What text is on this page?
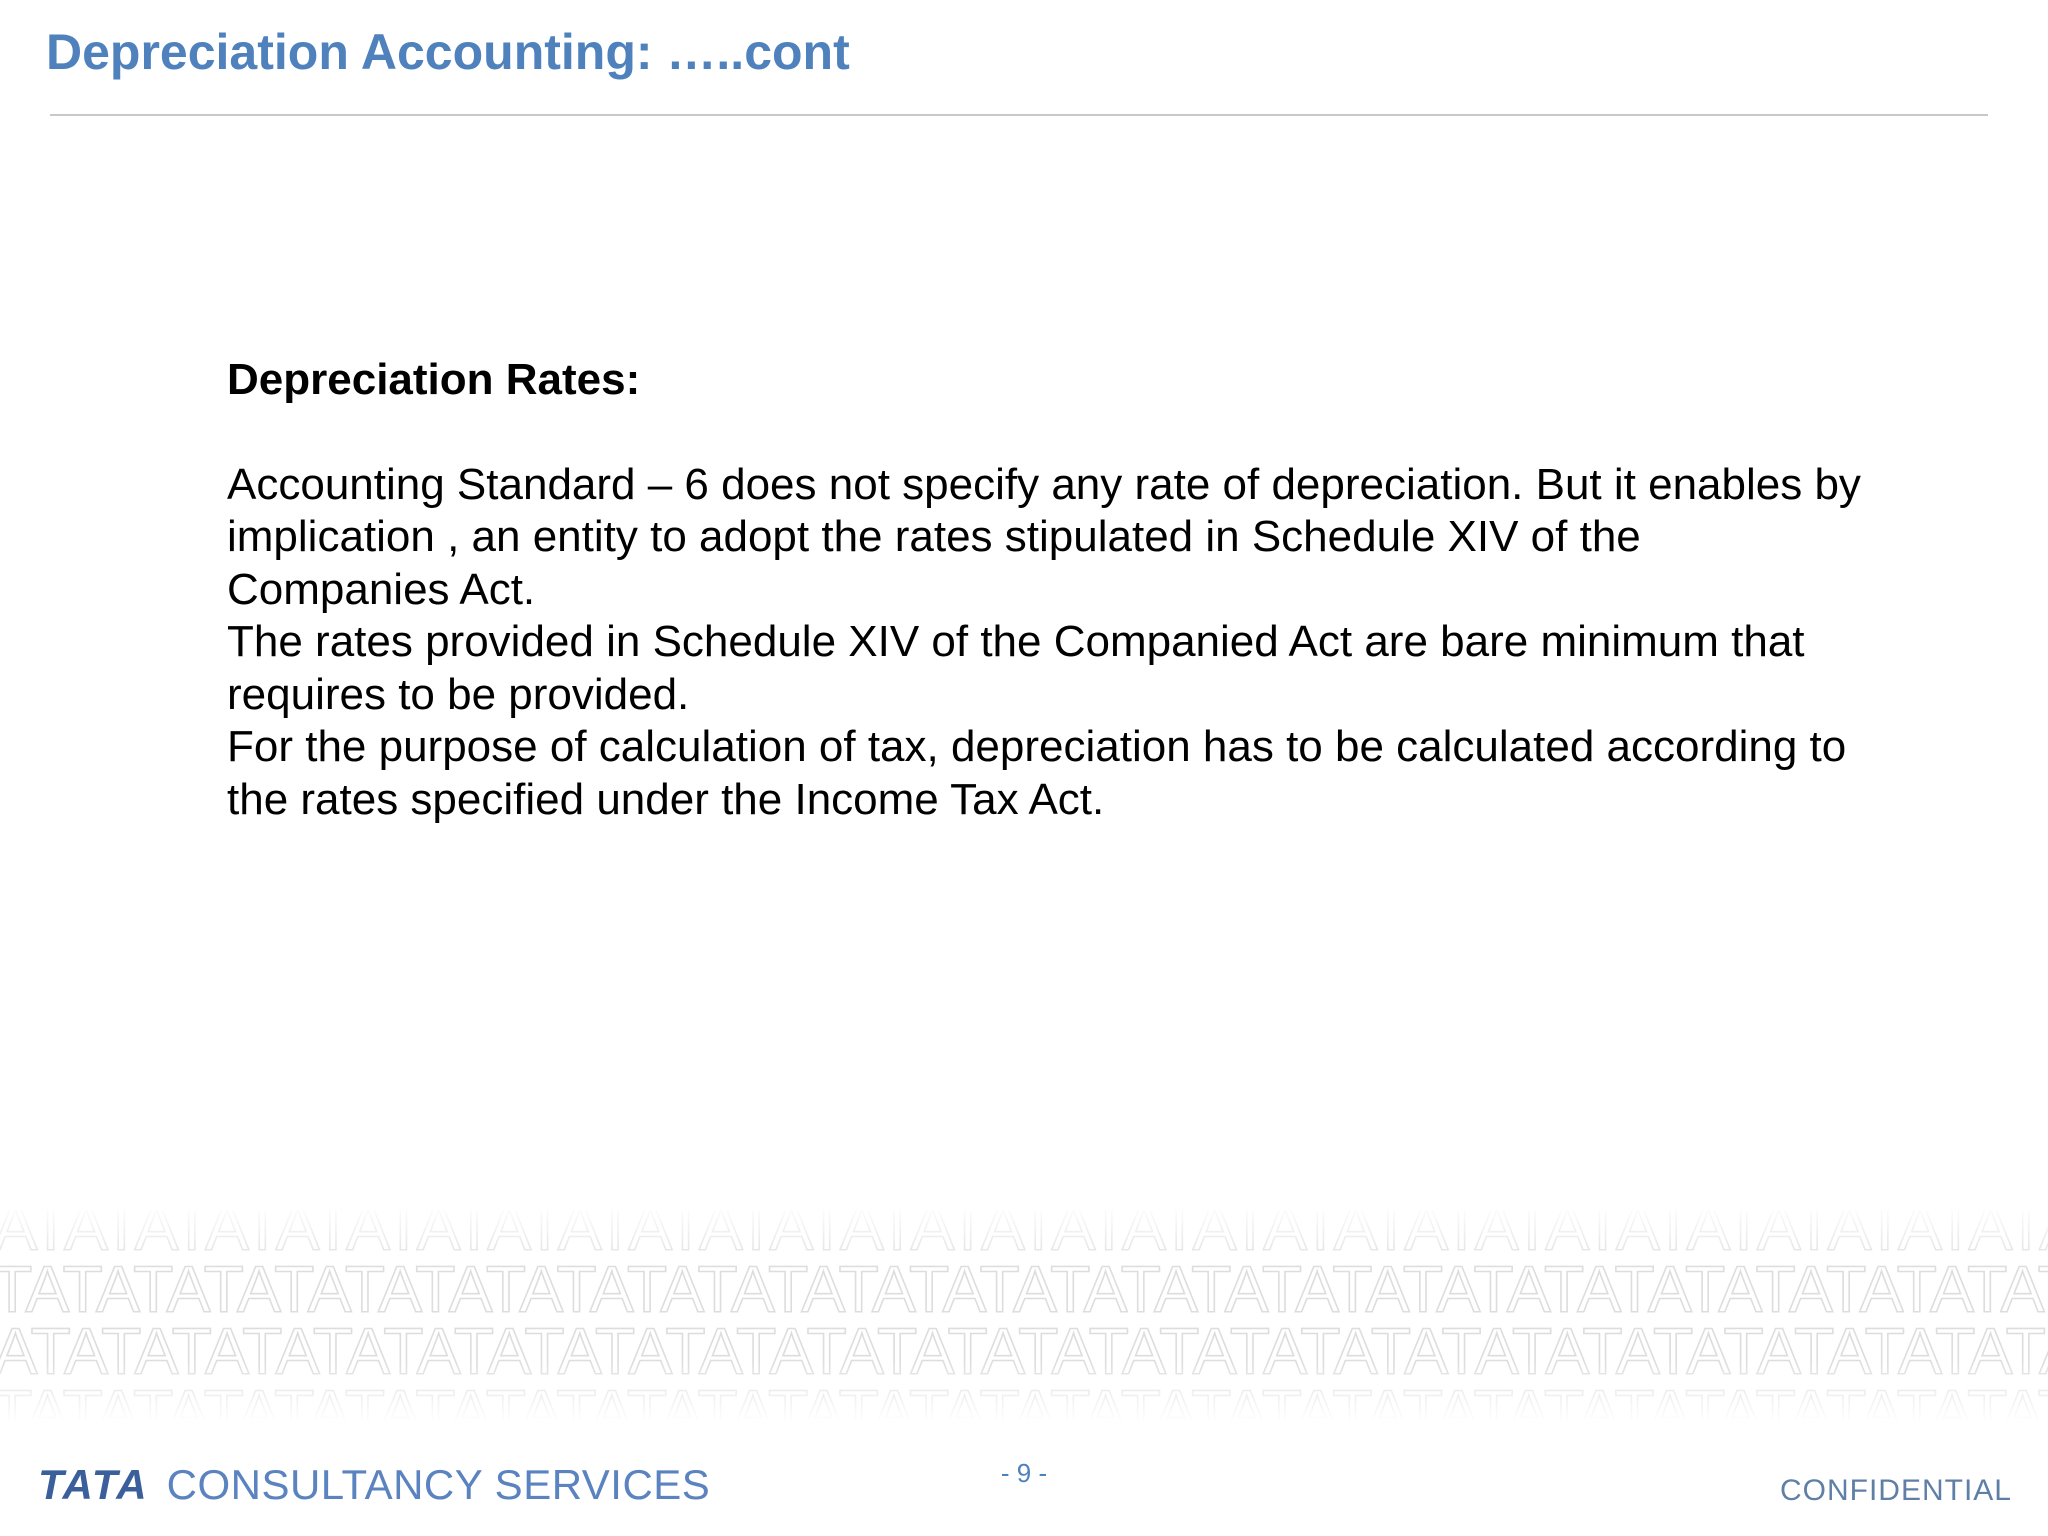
Depreciation Accounting: …..cont

Depreciation Rates:

Accounting Standard – 6 does not specify any rate of depreciation. But it enables by implication , an entity to adopt the rates stipulated in Schedule XIV of the Companies Act.

The rates provided in Schedule XIV of the Companied Act are bare minimum that requires to be provided.

For the purpose of calculation of tax, depreciation has to be calculated according to the rates specified under the Income Tax Act.

TATA CONSULTANCY SERVICES	- 9 -
CONFIDENTIAL
